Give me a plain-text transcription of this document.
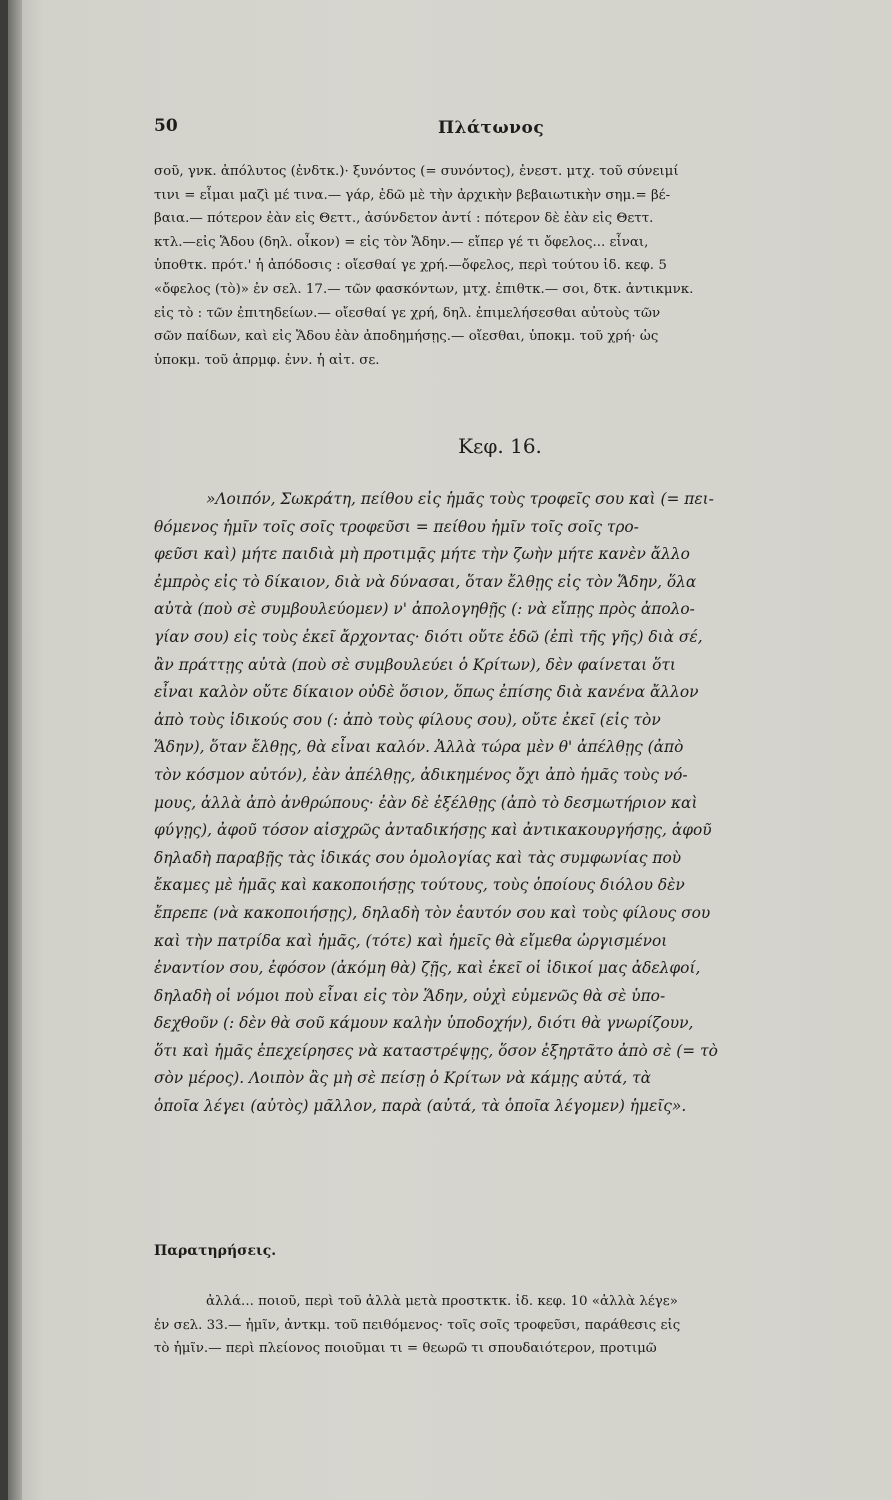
50	Πλάτωνος
σοῦ, γνκ. ἀπόλυτος (ἐνδτκ.)· ξυνόντος (= συνόντος), ἐνεστ. μτχ. τοῦ σύνειμί
τινι = εἶμαι μαζὶ μέ τινα.— γάρ, ἐδῶ μὲ τὴν ἀρχικὴν βεβαιωτικὴν σημ.= βέ-
βαια.— πότερον ἐὰν εἰς Θεττ., ἀσύνδετον ἀντί : πότερον δὲ ἐὰν εἰς Θεττ.
κτλ.—εἰς Ἅδου (δηλ. οἶκον) = εἰς τὸν Ἅδην.— εἴπερ γέ τι ὄφελος... εἶναι,
ὑποθτκ. πρότ.' ἡ ἀπόδοσις : οἴεσθαί γε χρή.—ὄφελος, περὶ τούτου ἰδ. κεφ. 5
«ὄφελος (τὸ)» ἐν σελ. 17.— τῶν φασκόντων, μτχ. ἐπιθτκ.— σοι, δτκ. ἀντικμνκ.
εἰς τὸ : τῶν ἐπιτηδείων.— οἴεσθαί γε χρή, δηλ. ἐπιμελήσεσθαι αὐτοὺς τῶν
σῶν παίδων, καὶ εἰς Ἅδου ἐὰν ἀποδημήσῃς.— οἴεσθαι, ὑποκμ. τοῦ χρή· ὡς
ὑποκμ. τοῦ ἀπρμφ. ἐνν. ἡ αἰτ. σε.
Κεφ. 16.
»Λοιπόν, Σωκράτη, πείθου εἰς ἡμᾶς τοὺς τροφεῖς σου καὶ (= πει-
θόμενος ἡμῖν τοῖς σοῖς τροφεῦσι = πείθου ἡμῖν τοῖς σοῖς τρο-
φεῦσι καὶ) μήτε παιδιὰ μὴ προτιμᾷς μήτε τὴν ζωὴν μήτε κανὲν ἄλλο
ἐμπρὸς εἰς τὸ δίκαιον, διὰ νὰ δύνασαι, ὅταν ἔλθῃς εἰς τὸν Ἅδην, ὅλα
αὐτὰ (ποὺ σὲ συμβουλεύομεν) ν' ἀπολογηθῇς (: νὰ εἴπῃς πρὸς ἀπολο-
γίαν σου) εἰς τοὺς ἐκεῖ ἄρχοντας· διότι οὔτε ἐδῶ (ἐπὶ τῆς γῆς) διὰ σέ,
ἂν πράττῃς αὐτὰ (ποὺ σὲ συμβουλεύει ὁ Κρίτων), δὲν φαίνεται ὅτι
εἶναι καλὸν οὔτε δίκαιον οὐδὲ ὅσιον, ὅπως ἐπίσης διὰ κανένα ἄλλον
ἀπὸ τοὺς ἰδικούς σου (: ἀπὸ τοὺς φίλους σου), οὔτε ἐκεῖ (εἰς τὸν
Ἅδην), ὅταν ἔλθῃς, θὰ εἶναι καλόν. Ἀλλὰ τώρα μὲν θ' ἀπέλθῃς (ἀπὸ
τὸν κόσμον αὐτόν), ἐὰν ἀπέλθῃς, ἀδικημένος ὄχι ἀπὸ ἡμᾶς τοὺς νό-
μους, ἀλλὰ ἀπὸ ἀνθρώπους· ἐὰν δὲ ἐξέλθῃς (ἀπὸ τὸ δεσμωτήριον καὶ
φύγῃς), ἀφοῦ τόσον αἰσχρῶς ἀνταδικήσῃς καὶ ἀντικακουργήσῃς, ἀφοῦ
δηλαδὴ παραβῇς τὰς ἰδικάς σου ὁμολογίας καὶ τὰς συμφωνίας ποὺ
ἔκαμες μὲ ἡμᾶς καὶ κακοποιήσῃς τούτους, τοὺς ὁποίους διόλου δὲν
ἔπρεπε (νὰ κακοποιήσῃς), δηλαδὴ τὸν ἑαυτόν σου καὶ τοὺς φίλους σου
καὶ τὴν πατρίδα καὶ ἡμᾶς, (τότε) καὶ ἡμεῖς θὰ εἴμεθα ὠργισμένοι
ἐναντίον σου, ἐφόσον (ἀκόμη θὰ) ζῇς, καὶ ἐκεῖ οἱ ἰδικοί μας ἀδελφοί,
δηλαδὴ οἱ νόμοι ποὺ εἶναι εἰς τὸν Ἅδην, οὐχὶ εὐμενῶς θὰ σὲ ὑπο-
δεχθοῦν (: δὲν θὰ σοῦ κάμουν καλὴν ὑποδοχήν), διότι θὰ γνωρίζουν,
ὅτι καὶ ἡμᾶς ἐπεχείρησες νὰ καταστρέψῃς, ὅσον ἐξηρτᾶτο ἀπὸ σὲ (= τὸ
σὸν μέρος). Λοιπὸν ἂς μὴ σὲ πείσῃ ὁ Κρίτων νὰ κάμῃς αὐτά, τὰ
ὁποῖα λέγει (αὐτὸς) μᾶλλον, παρὰ (αὐτά, τὰ ὁποῖα λέγομεν) ἡμεῖς».
Παρατηρήσεις.
ἀλλά... ποιοῦ, περὶ τοῦ ἀλλὰ μετὰ προστκτκ. ἰδ. κεφ. 10 «ἀλλὰ λέγε»
ἐν σελ. 33.— ἡμῖν, ἀντκμ. τοῦ πειθόμενος· τοῖς σοῖς τροφεῦσι, παράθεσις εἰς
τὸ ἡμῖν.— περὶ πλείονος ποιοῦμαι τι = θεωρῶ τι σπουδαιότερον, προτιμῶ
